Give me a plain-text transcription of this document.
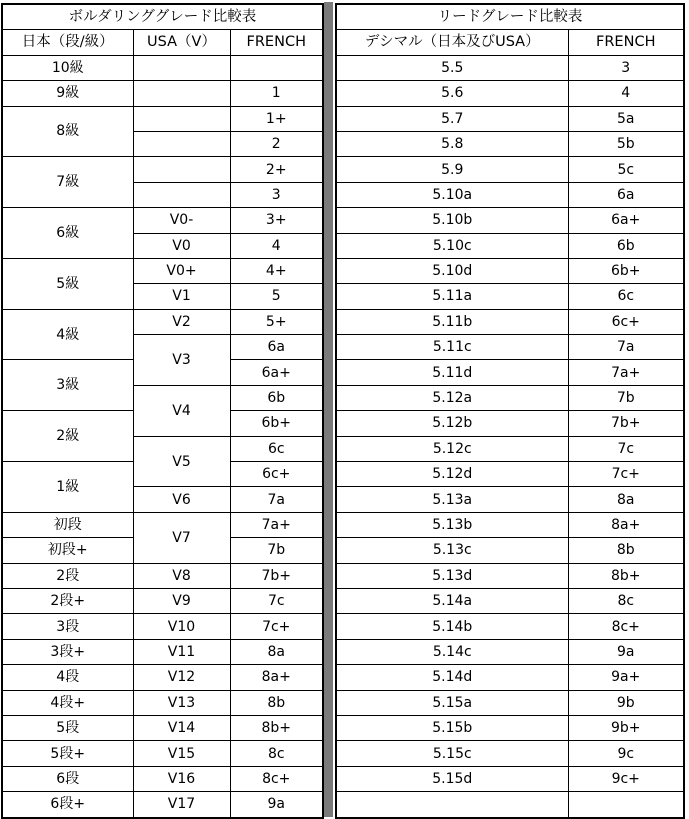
ボルダリンググレード比較表		
日本（段/級）	USA（V）	FRENCH
10級		
9級		1
8級		1+
		2
7級		2+
		3
6級	V0-	3+
	V0	4
5級	V0+	4+
	V1	5
4級	V2	5+
	V3	6a
3級		6a+
	V4	6b
2級		6b+
	V5	6c
1級		6c+
	V6	7a
初段	V7	7a+
初段+		7b
2段	V8	7b+
2段+	V9	7c
3段	V10	7c+
3段+	V11	8a
4段	V12	8a+
4段+	V13	8b
5段	V14	8b+
5段+	V15	8c
6段	V16	8c+
6段+	V17	9a
リードグレード比較表	
デシマル（日本及びUSA）	FRENCH
5.5	3
5.6	4
5.7	5a
5.8	5b
5.9	5c
5.10a	6a
5.10b	6a+
5.10c	6b
5.10d	6b+
5.11a	6c
5.11b	6c+
5.11c	7a
5.11d	7a+
5.12a	7b
5.12b	7b+
5.12c	7c
5.12d	7c+
5.13a	8a
5.13b	8a+
5.13c	8b
5.13d	8b+
5.14a	8c
5.14b	8c+
5.14c	9a
5.14d	9a+
5.15a	9b
5.15b	9b+
5.15c	9c
5.15d	9c+
